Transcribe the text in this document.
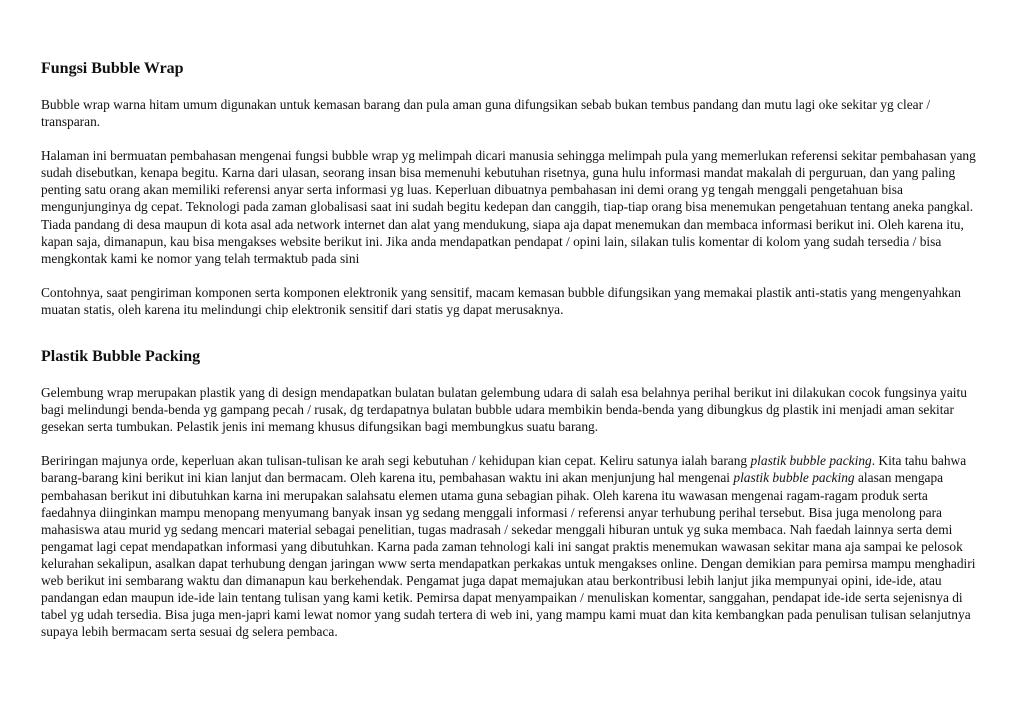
Fungsi Bubble Wrap

Bubble wrap warna hitam umum digunakan untuk kemasan barang dan pula aman guna difungsikan sebab bukan tembus pandang dan mutu lagi oke sekitar yg clear / transparan.

Halaman ini bermuatan pembahasan mengenai fungsi bubble wrap yg melimpah dicari manusia sehingga melimpah pula yang memerlukan referensi sekitar pembahasan yang sudah disebutkan, kenapa begitu. Karna dari ulasan, seorang insan bisa memenuhi kebutuhan risetnya, guna hulu informasi mandat makalah di perguruan, dan yang paling penting satu orang akan memiliki referensi anyar serta informasi yg luas. Keperluan dibuatnya pembahasan ini demi orang yg tengah menggali pengetahuan bisa mengunjunginya dg cepat. Teknologi pada zaman globalisasi saat ini sudah begitu kedepan dan canggih, tiap-tiap orang bisa menemukan pengetahuan tentang aneka pangkal. Tiada pandang di desa maupun di kota asal ada network internet dan alat yang mendukung, siapa aja dapat menemukan dan membaca informasi berikut ini. Oleh karena itu, kapan saja, dimanapun, kau bisa mengakses website berikut ini. Jika anda mendapatkan pendapat / opini lain, silakan tulis komentar di kolom yang sudah tersedia / bisa mengkontak kami ke nomor yang telah termaktub pada sini

Contohnya, saat pengiriman komponen serta komponen elektronik yang sensitif, macam kemasan bubble difungsikan yang memakai plastik anti-statis yang mengenyahkan muatan statis, oleh karena itu melindungi chip elektronik sensitif dari statis yg dapat merusaknya.

Plastik Bubble Packing

Gelembung wrap merupakan plastik yang di design mendapatkan bulatan bulatan gelembung udara di salah esa belahnya perihal berikut ini dilakukan cocok fungsinya yaitu bagi melindungi benda-benda yg gampang pecah / rusak, dg terdapatnya bulatan bubble udara membikin benda-benda yang dibungkus dg plastik ini menjadi aman sekitar gesekan serta tumbukan. Pelastik jenis ini memang khusus difungsikan bagi membungkus suatu barang.

Beriringan majunya orde, keperluan akan tulisan-tulisan ke arah segi kebutuhan / kehidupan kian cepat. Keliru satunya ialah barang plastik bubble packing. Kita tahu bahwa barang-barang kini berikut ini kian lanjut dan bermacam. Oleh karena itu, pembahasan waktu ini akan menjunjung hal mengenai plastik bubble packing alasan mengapa pembahasan berikut ini dibutuhkan karna ini merupakan salahsatu elemen utama guna sebagian pihak. Oleh karena itu wawasan mengenai ragam-ragam produk serta faedahnya diinginkan mampu menopang menyumang banyak insan yg sedang menggali informasi / referensi anyar terhubung perihal tersebut. Bisa juga menolong para mahasiswa atau murid yg sedang mencari material sebagai penelitian, tugas madrasah / sekedar menggali hiburan untuk yg suka membaca. Nah faedah lainnya serta demi pengamat lagi cepat mendapatkan informasi yang dibutuhkan. Karna pada zaman tehnologi kali ini sangat praktis menemukan wawasan sekitar mana aja sampai ke pelosok kelurahan sekalipun, asalkan dapat terhubung dengan jaringan www serta mendapatkan perkakas untuk mengakses online. Dengan demikian para pemirsa mampu menghadiri web berikut ini sembarang waktu dan dimanapun kau berkehendak. Pengamat juga dapat memajukan atau berkontribusi lebih lanjut jika mempunyai opini, ide-ide, atau pandangan edan maupun ide-ide lain tentang tulisan yang kami ketik. Pemirsa dapat menyampaikan / menuliskan komentar, sanggahan, pendapat ide-ide serta sejenisnya di tabel yg udah tersedia. Bisa juga men-japri kami lewat nomor yang sudah tertera di web ini, yang mampu kami muat dan kita kembangkan pada penulisan tulisan selanjutnya supaya lebih bermacam serta sesuai dg selera pembaca.
